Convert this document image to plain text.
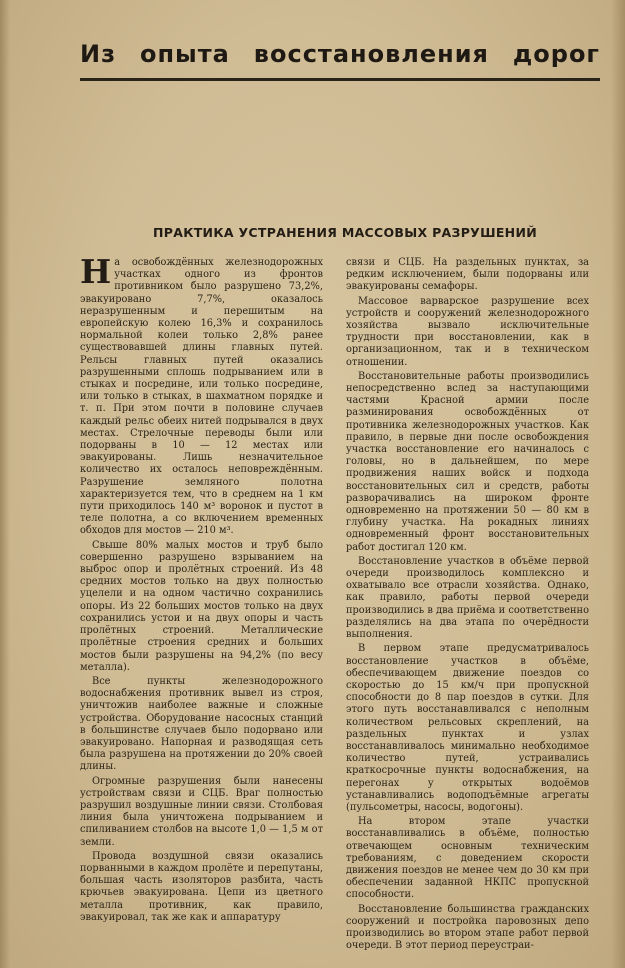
Из опыта восстановления дорог
ПРАКТИКА УСТРАНЕНИЯ МАССОВЫХ РАЗРУШЕНИЙ

На освобождённых железнодорожных участках одного из фронтов противником было разрушено 73,2%, эвакуировано 7,7%, оказалось неразрушенным и перешитым на европейскую колею 16,3% и сохранилось нормальной колеи только 2,8% ранее существовавшей длины главных путей. Рельсы главных путей оказались разрушенными сплошь подрыванием или в стыках и посредине, или только посредине, или только в стыках, в шахматном порядке и т. п. При этом почти в половине случаев каждый рельс обеих нитей подрывался в двух местах. Стрелочные переводы были или подорваны в 10 — 12 местах или эвакуированы. Лишь незначительное количество их осталось неповреждённым. Разрушение земляного полотна характеризуется тем, что в среднем на 1 км пути приходилось 140 м³ воронок и пустот в теле полотна, а со включением временных обходов для мостов — 210 м³.

Свыше 80% малых мостов и труб было совершенно разрушено взрыванием на выброс опор и пролётных строений. Из 48 средних мостов только на двух полностью уцелели и на одном частично сохранились опоры. Из 22 больших мостов только на двух сохранились устои и на двух опоры и часть пролётных строений. Металлические пролётные строения средних и больших мостов были разрушены на 94,2% (по весу металла).

Все пункты железнодорожного водоснабжения противник вывел из строя, уничтожив наиболее важные и сложные устройства. Оборудование насосных станций в большинстве случаев было подорвано или эвакуировано. Напорная и разводящая сеть была разрушена на протяжении до 20% своей длины.

Огромные разрушения были нанесены устройствам связи и СЦБ. Враг полностью разрушил воздушные линии связи. Столбовая линия была уничтожена подрыванием и спиливанием столбов на высоте 1,0 — 1,5 м от земли.

Провода воздушной связи оказались порванными в каждом пролёте и перепутаны, большая часть изоляторов разбита, часть крючьев эвакуирована. Цепи из цветного металла противник, как правило, эвакуировал, так же как и аппаратуру

связи и СЦБ. На раздельных пунктах, за редким исключением, были подорваны или эвакуированы семафоры.

Массовое варварское разрушение всех устройств и сооружений железнодорожного хозяйства вызвало исключительные трудности при восстановлении, как в организационном, так и в техническом отношении.

Восстановительные работы производились непосредственно вслед за наступающими частями Красной армии после разминирования освобождённых от противника железнодорожных участков. Как правило, в первые дни после освобождения участка восстановление его начиналось с головы, но в дальнейшем, по мере продвижения наших войск и подхода восстановительных сил и средств, работы разворачивались на широком фронте одновременно на протяжении 50 — 80 км в глубину участка. На рокадных линиях одновременный фронт восстановительных работ достигал 120 км.

Восстановление участков в объёме первой очереди производилось комплексно и охватывало все отрасли хозяйства. Однако, как правило, работы первой очереди производились в два приёма и соответственно разделялись на два этапа по очерёдности выполнения.

В первом этапе предусматривалось восстановление участков в объёме, обеспечивающем движение поездов со скоростью до 15 км/ч при пропускной способности до 8 пар поездов в сутки. Для этого путь восстанавливался с неполным количеством рельсовых скреплений, на раздельных пунктах и узлах восстанавливалось минимально необходимое количество путей, устраивались краткосрочные пункты водоснабжения, на перегонах у открытых водоёмов устанавливались водоподъёмные агрегаты (пульсометры, насосы, водогоны).

На втором этапе участки восстанавливались в объёме, полностью отвечающем основным техническим требованиям, с доведением скорости движения поездов не менее чем до 30 км при обеспечении заданной НКПС пропускной способности.

Восстановление большинства гражданских сооружений и постройка паровозных депо производились во втором этапе работ первой очереди. В этот период переустраи-
